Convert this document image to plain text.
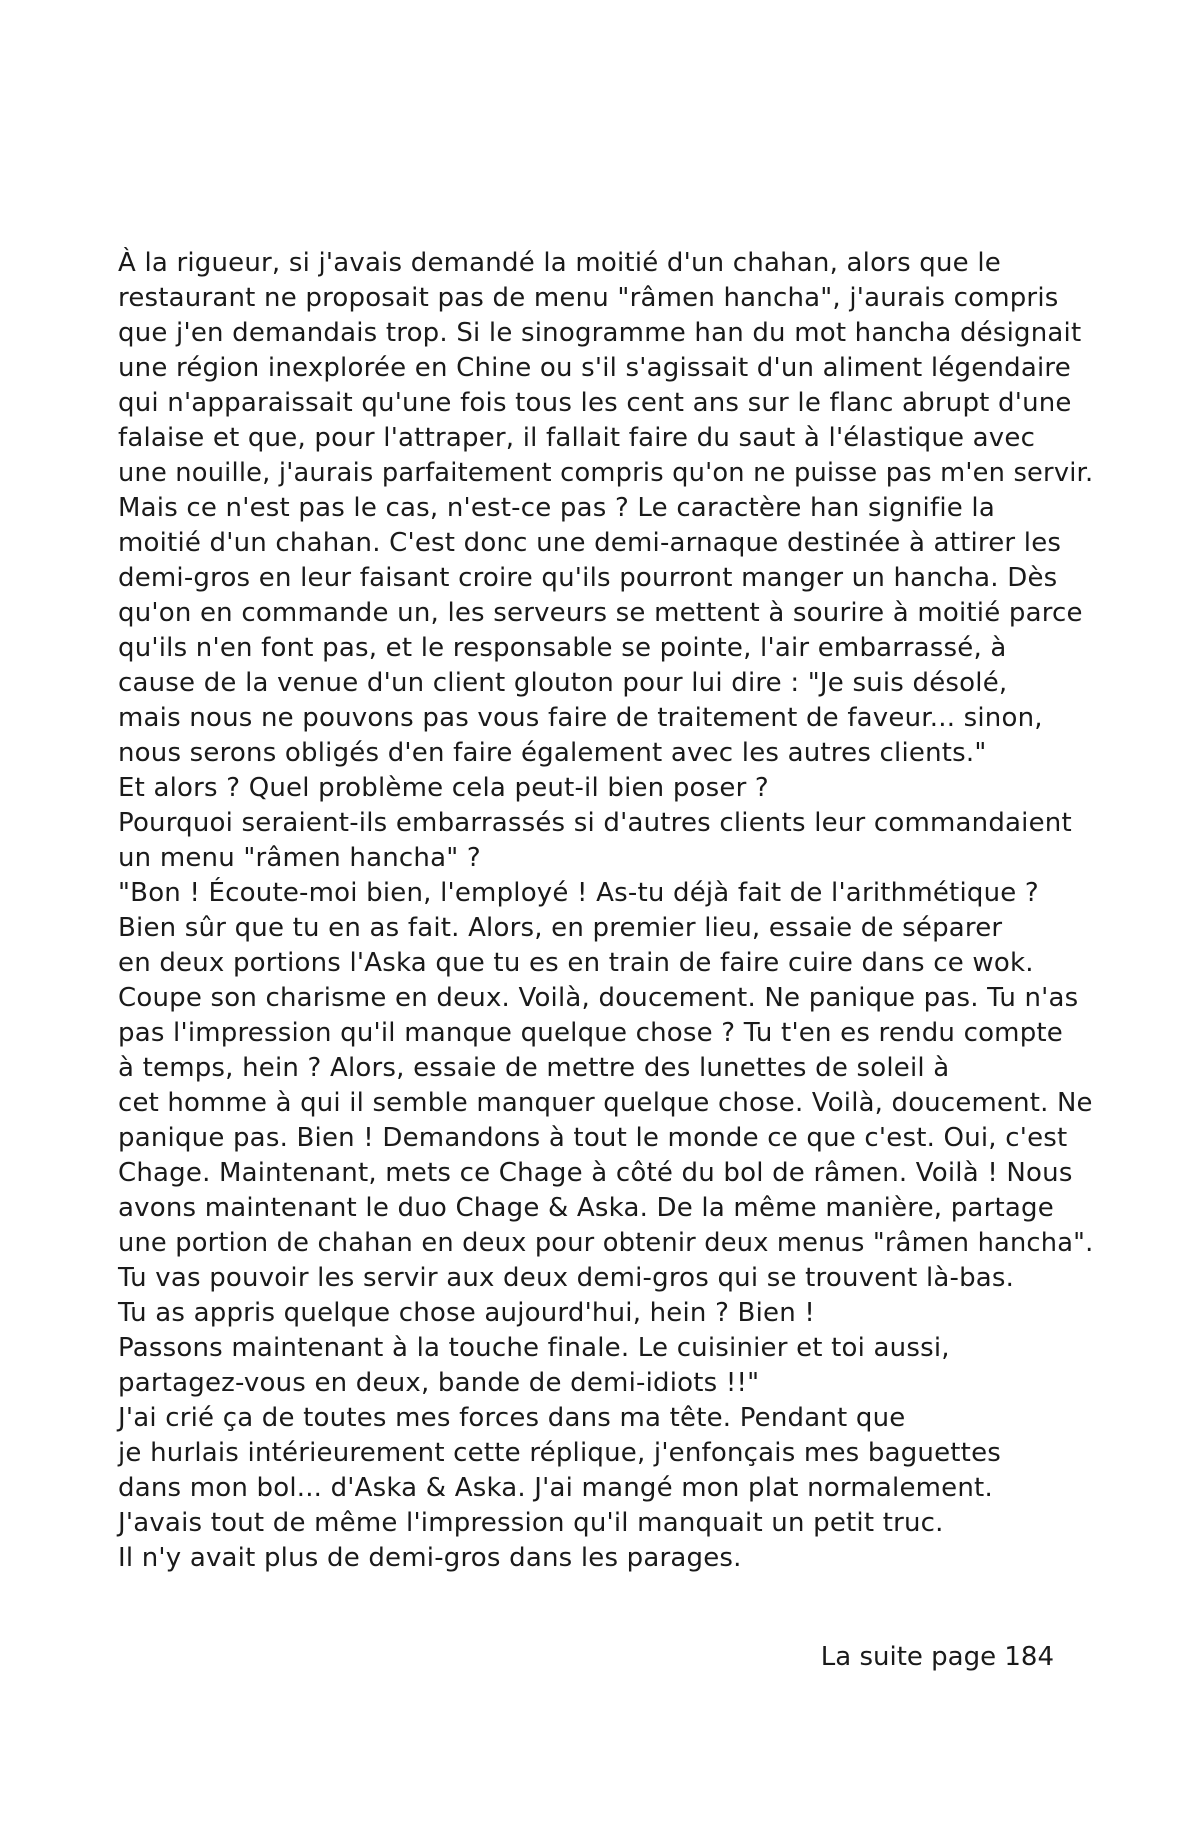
À la rigueur, si j'avais demandé la moitié d'un chahan, alors que le
restaurant ne proposait pas de menu "râmen hancha", j'aurais compris
que j'en demandais trop. Si le sinogramme han du mot hancha désignait
une région inexplorée en Chine ou s'il s'agissait d'un aliment légendaire
qui n'apparaissait qu'une fois tous les cent ans sur le flanc abrupt d'une
falaise et que, pour l'attraper, il fallait faire du saut à l'élastique avec
une nouille, j'aurais parfaitement compris qu'on ne puisse pas m'en servir.
Mais ce n'est pas le cas, n'est-ce pas ? Le caractère han signifie la
moitié d'un chahan. C'est donc une demi-arnaque destinée à attirer les
demi-gros en leur faisant croire qu'ils pourront manger un hancha. Dès
qu'on en commande un, les serveurs se mettent à sourire à moitié parce
qu'ils n'en font pas, et le responsable se pointe, l'air embarrassé, à
cause de la venue d'un client glouton pour lui dire : "Je suis désolé,
mais nous ne pouvons pas vous faire de traitement de faveur... sinon,
nous serons obligés d'en faire également avec les autres clients."
Et alors ? Quel problème cela peut-il bien poser ?
Pourquoi seraient-ils embarrassés si d'autres clients leur commandaient
un menu "râmen hancha" ?
"Bon ! Écoute-moi bien, l'employé ! As-tu déjà fait de l'arithmétique ?
Bien sûr que tu en as fait. Alors, en premier lieu, essaie de séparer
en deux portions l'Aska que tu es en train de faire cuire dans ce wok.
Coupe son charisme en deux. Voilà, doucement. Ne panique pas. Tu n'as
pas l'impression qu'il manque quelque chose ? Tu t'en es rendu compte
à temps, hein ? Alors, essaie de mettre des lunettes de soleil à
cet homme à qui il semble manquer quelque chose. Voilà, doucement. Ne
panique pas. Bien ! Demandons à tout le monde ce que c'est. Oui, c'est
Chage. Maintenant, mets ce Chage à côté du bol de râmen. Voilà ! Nous
avons maintenant le duo Chage & Aska. De la même manière, partage
une portion de chahan en deux pour obtenir deux menus "râmen hancha".
Tu vas pouvoir les servir aux deux demi-gros qui se trouvent là-bas.
Tu as appris quelque chose aujourd'hui, hein ? Bien !
Passons maintenant à la touche finale. Le cuisinier et toi aussi,
partagez-vous en deux, bande de demi-idiots !!"
J'ai crié ça de toutes mes forces dans ma tête. Pendant que
je hurlais intérieurement cette réplique, j'enfonçais mes baguettes
dans mon bol... d'Aska & Aska. J'ai mangé mon plat normalement.
J'avais tout de même l'impression qu'il manquait un petit truc.
Il n'y avait plus de demi-gros dans les parages.
La suite page 184
